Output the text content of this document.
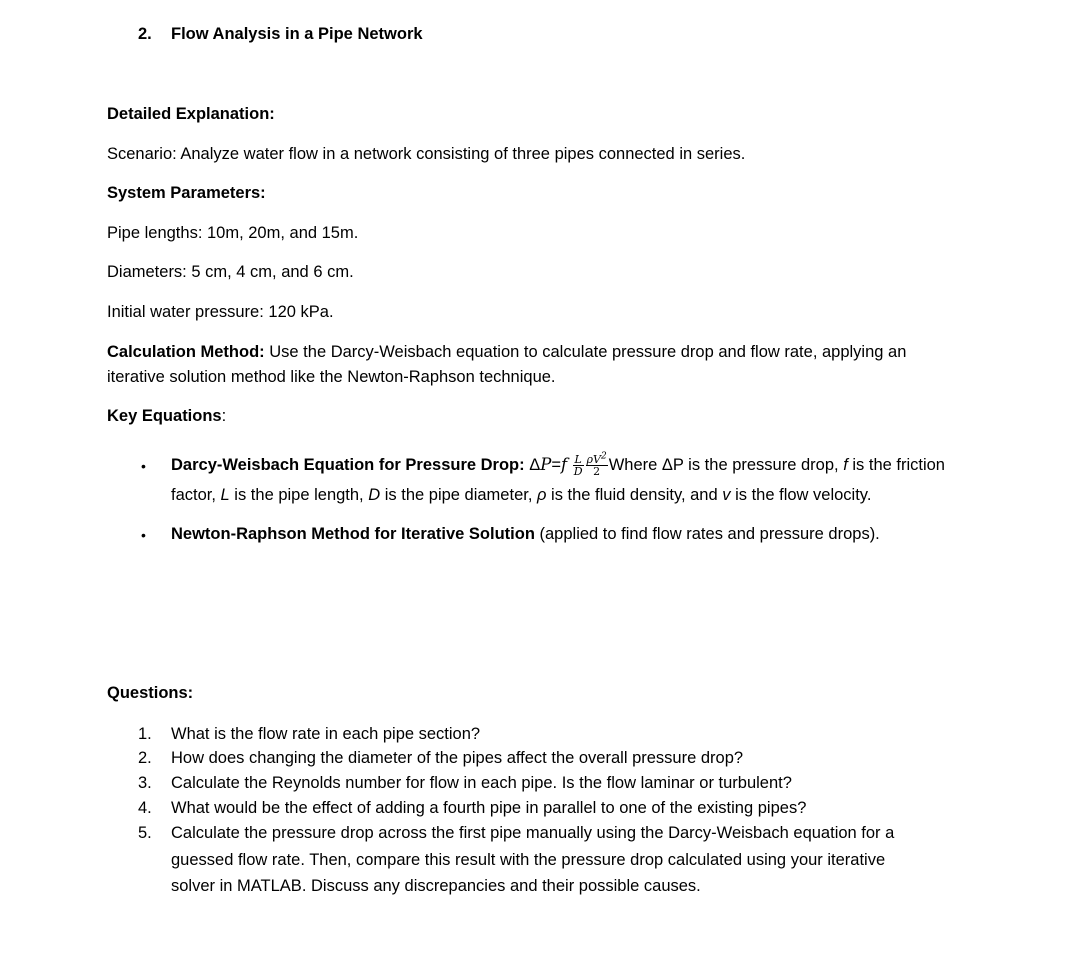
2. Flow Analysis in a Pipe Network
Detailed Explanation:
Scenario: Analyze water flow in a network consisting of three pipes connected in series.
System Parameters:
Pipe lengths: 10m, 20m, and 15m.
Diameters: 5 cm, 4 cm, and 6 cm.
Initial water pressure: 120 kPa.
Calculation Method: Use the Darcy-Weisbach equation to calculate pressure drop and flow rate, applying an
iterative solution method like the Newton-Raphson technique.
Key Equations:
• Darcy-Weisbach Equation for Pressure Drop: $\Delta P=f \frac{L}{D} \frac{\rho V^2}{2}$ Where ΔP is the pressure drop, f is the friction
factor, L is the pipe length, D is the pipe diameter, ρ is the fluid density, and v is the flow velocity.
• Newton-Raphson Method for Iterative Solution (applied to find flow rates and pressure drops).
Questions:
1. What is the flow rate in each pipe section?
2. How does changing the diameter of the pipes affect the overall pressure drop?
3. Calculate the Reynolds number for flow in each pipe. Is the flow laminar or turbulent?
4. What would be the effect of adding a fourth pipe in parallel to one of the existing pipes?
5. Calculate the pressure drop across the first pipe manually using the Darcy-Weisbach equation for a
guessed flow rate. Then, compare this result with the pressure drop calculated using your iterative
solver in MATLAB. Discuss any discrepancies and their possible causes.
